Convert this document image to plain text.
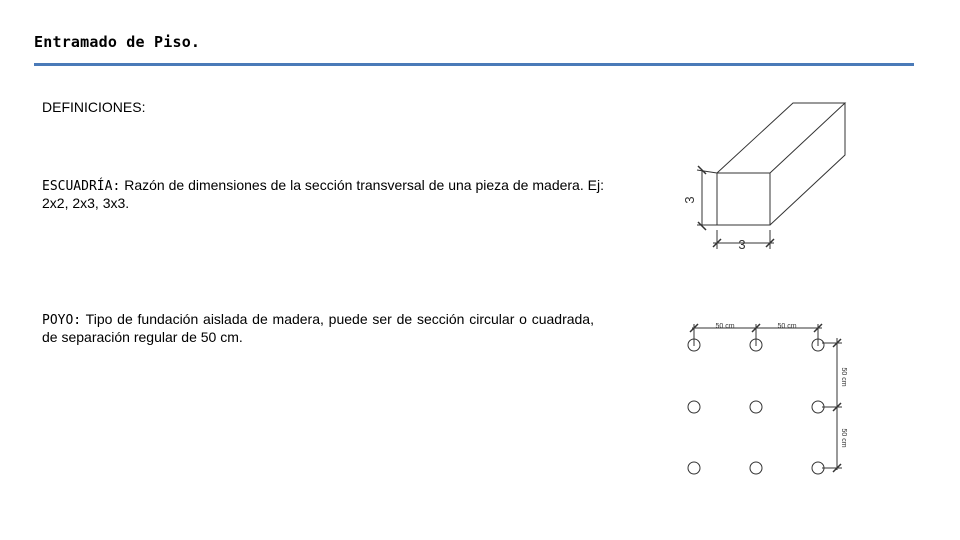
Entramado de Piso.

DEFINICIONES:

ESCUADRÍA: Razón de dimensiones de la sección transversal de una pieza de madera. Ej: 2x2, 2x3, 3x3.

POYO: Tipo de fundación aislada de madera, puede ser de sección circular o cuadrada, de separación regular de 50 cm.

3
3
50 cm	50 cm
50 cm
50 cm
